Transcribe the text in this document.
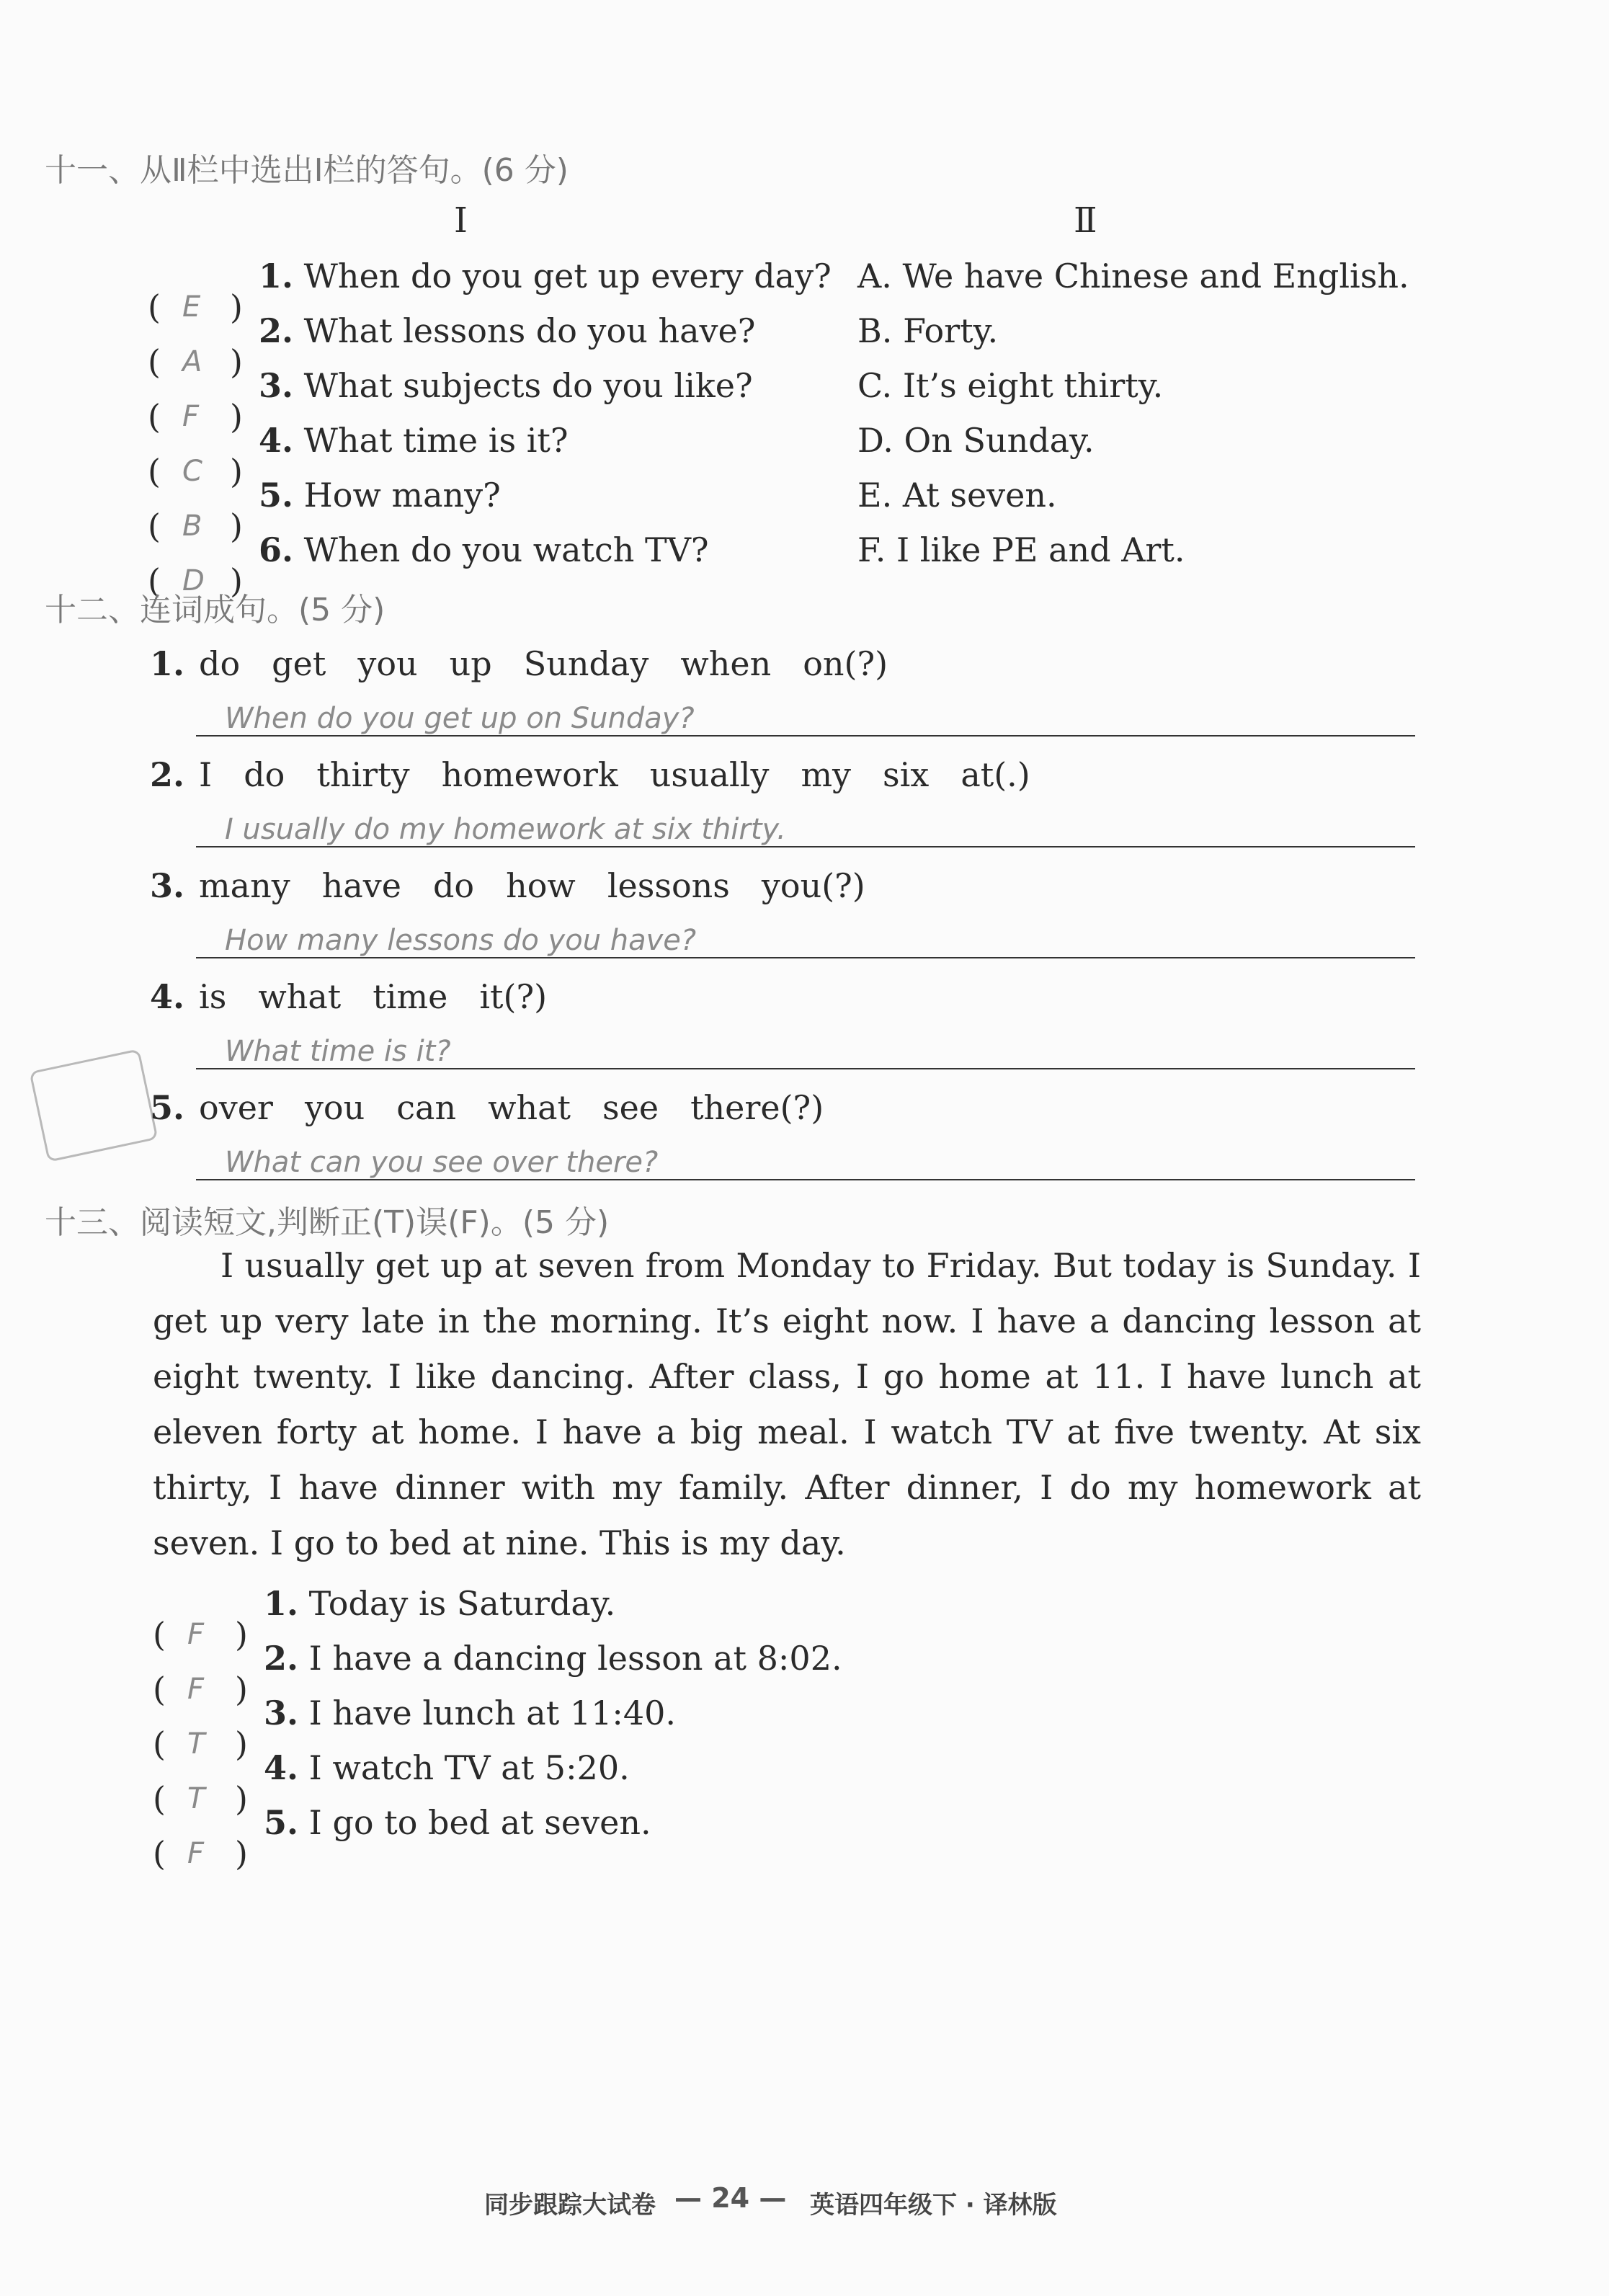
十一、从Ⅱ栏中选出Ⅰ栏的答句。(6 分)
Ⅰ	Ⅱ
( E )
1. When do you get up every day?
( A )
2. What lessons do you have?
( F )
3. What subjects do you like?
( C )
4. What time is it?
( B )
5. How many?
( D )
6. When do you watch TV?
A. We have Chinese and English.
B. Forty.
C. It’s eight thirty.
D. On Sunday.
E. At seven.
F. I like PE and Art.
十二、连词成句。(5 分)
1. do get you up Sunday when on(?)
When do you get up on Sunday?
2. I do thirty homework usually my six at(.)
I usually do my homework at six thirty.
3. many have do how lessons you(?)
How many lessons do you have?
4. is what time it(?)
What time is it?
5. over you can what see there(?)
What can you see over there?
十三、阅读短文,判断正(T)误(F)。(5 分)
I usually get up at seven from Monday to Friday. But today is Sunday. I get up very late in the morning. It’s eight now. I have a dancing lesson at eight twenty. I like dancing. After class, I go home at 11. I have lunch at eleven forty at home. I have a big meal. I watch TV at five twenty. At six thirty, I have dinner with my family. After dinner, I do my homework at seven. I go to bed at nine. This is my day.
( F )
1. Today is Saturday.
( F )
2. I have a dancing lesson at 8:02.
( T )
3. I have lunch at 11:40.
( T )
4. I watch TV at 5:20.
( F )
5. I go to bed at seven.
同步跟踪大试卷 — 24 — 英语四年级下 · 译林版
